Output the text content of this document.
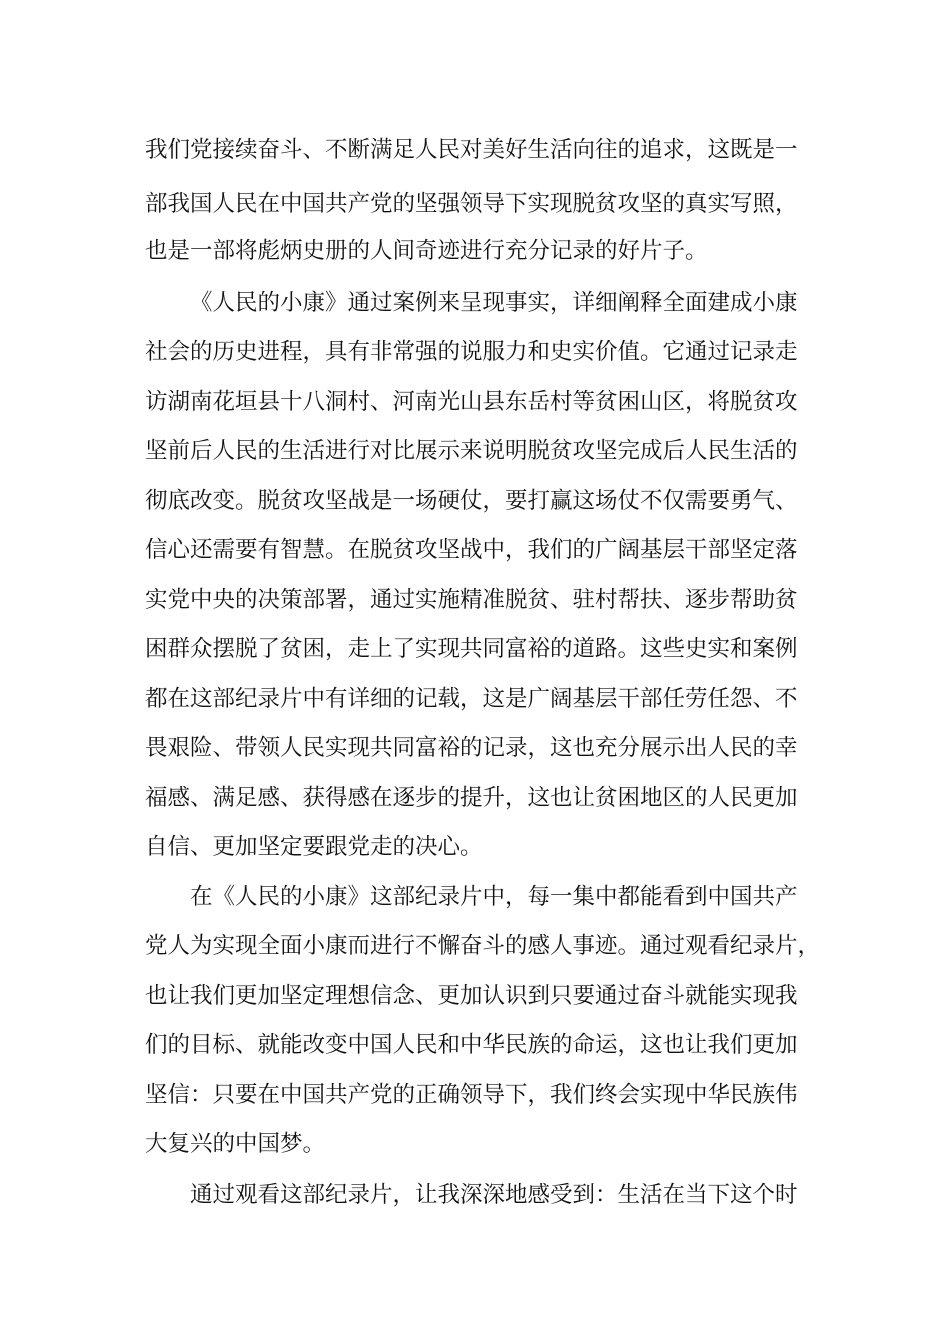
我们党接续奋斗、不断满足人民对美好生活向往的追求，这既是一
部我国人民在中国共产党的坚强领导下实现脱贫攻坚的真实写照，
也是一部将彪炳史册的人间奇迹进行充分记录的好片子。
《人民的小康》通过案例来呈现事实，详细阐释全面建成小康
社会的历史进程，具有非常强的说服力和史实价值。它通过记录走
访湖南花垣县十八洞村、河南光山县东岳村等贫困山区，将脱贫攻
坚前后人民的生活进行对比展示来说明脱贫攻坚完成后人民生活的
彻底改变。脱贫攻坚战是一场硬仗，要打赢这场仗不仅需要勇气、
信心还需要有智慧。在脱贫攻坚战中，我们的广阔基层干部坚定落
实党中央的决策部署，通过实施精准脱贫、驻村帮扶、逐步帮助贫
困群众摆脱了贫困，走上了实现共同富裕的道路。这些史实和案例
都在这部纪录片中有详细的记载，这是广阔基层干部任劳任怨、不
畏艰险、带领人民实现共同富裕的记录，这也充分展示出人民的幸
福感、满足感、获得感在逐步的提升，这也让贫困地区的人民更加
自信、更加坚定要跟党走的决心。
在《人民的小康》这部纪录片中，每一集中都能看到中国共产
党人为实现全面小康而进行不懈奋斗的感人事迹。通过观看纪录片，
也让我们更加坚定理想信念、更加认识到只要通过奋斗就能实现我
们的目标、就能改变中国人民和中华民族的命运，这也让我们更加
坚信：只要在中国共产党的正确领导下，我们终会实现中华民族伟
大复兴的中国梦。
通过观看这部纪录片，让我深深地感受到：生活在当下这个时
